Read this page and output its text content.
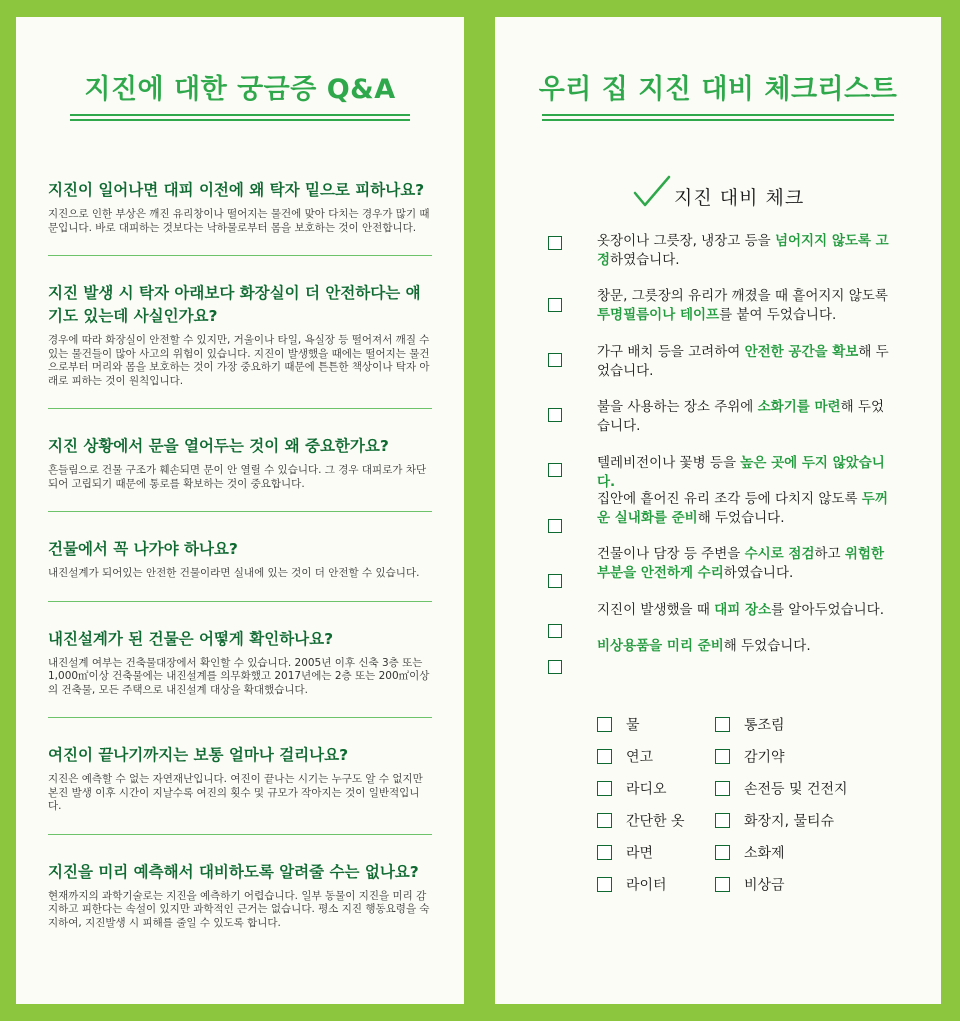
지진에 대한 궁금증 Q&A

지진이 일어나면 대피 이전에 왜 탁자 밑으로 피하나요?

지진으로 인한 부상은 깨진 유리창이나 떨어지는 물건에 맞아 다치는 경우가 많기 때문입니다. 바로 대피하는 것보다는 낙하물로부터 몸을 보호하는 것이 안전합니다.

지진 발생 시 탁자 아래보다 화장실이 더 안전하다는 얘기도 있는데 사실인가요?

경우에 따라 화장실이 안전할 수 있지만, 거울이나 타일, 욕실장 등 떨어져서 깨질 수 있는 물건들이 많아 사고의 위험이 있습니다. 지진이 발생했을 때에는 떨어지는 물건으로부터 머리와 몸을 보호하는 것이 가장 중요하기 때문에 튼튼한 책상이나 탁자 아래로 피하는 것이 원칙입니다.

지진 상황에서 문을 열어두는 것이 왜 중요한가요?

흔들림으로 건물 구조가 훼손되면 문이 안 열릴 수 있습니다. 그 경우 대피로가 차단되어 고립되기 때문에 통로를 확보하는 것이 중요합니다.

건물에서 꼭 나가야 하나요?

내진설계가 되어있는 안전한 건물이라면 실내에 있는 것이 더 안전할 수 있습니다.

내진설계가 된 건물은 어떻게 확인하나요?

내진설계 여부는 건축물대장에서 확인할 수 있습니다. 2005년 이후 신축 3층 또는 1,000㎡이상 건축물에는 내진설계를 의무화했고 2017년에는 2층 또는 200㎡이상의 건축물, 모든 주택으로 내진설계 대상을 확대했습니다.

여진이 끝나기까지는 보통 얼마나 걸리나요?

지진은 예측할 수 없는 자연재난입니다. 여진이 끝나는 시기는 누구도 알 수 없지만 본진 발생 이후 시간이 지날수록 여진의 횟수 및 규모가 작아지는 것이 일반적입니다.

지진을 미리 예측해서 대비하도록 알려줄 수는 없나요?

현재까지의 과학기술로는 지진을 예측하기 어렵습니다. 일부 동물이 지진을 미리 감지하고 피한다는 속설이 있지만 과학적인 근거는 없습니다. 평소 지진 행동요령을 숙지하여, 지진발생 시 피해를 줄일 수 있도록 합니다.

우리 집 지진 대비 체크리스트
지진 대비 체크
옷장이나 그릇장, 냉장고 등을 넘어지지 않도록 고정하였습니다.
창문, 그릇장의 유리가 깨졌을 때 흩어지지 않도록 투명필름이나 테이프를 붙여 두었습니다.
가구 배치 등을 고려하여 안전한 공간을 확보해 두었습니다.
불을 사용하는 장소 주위에 소화기를 마련해 두었습니다.
텔레비전이나 꽃병 등을 높은 곳에 두지 않았습니다.
집안에 흩어진 유리 조각 등에 다치지 않도록 두꺼운 실내화를 준비해 두었습니다.
건물이나 담장 등 주변을 수시로 점검하고 위험한 부분을 안전하게 수리하였습니다.
지진이 발생했을 때 대피 장소를 알아두었습니다.
비상용품을 미리 준비해 두었습니다.
물
연고
라디오
간단한 옷
라면
라이터
통조림
감기약
손전등 및 건전지
화장지, 물티슈
소화제
비상금
